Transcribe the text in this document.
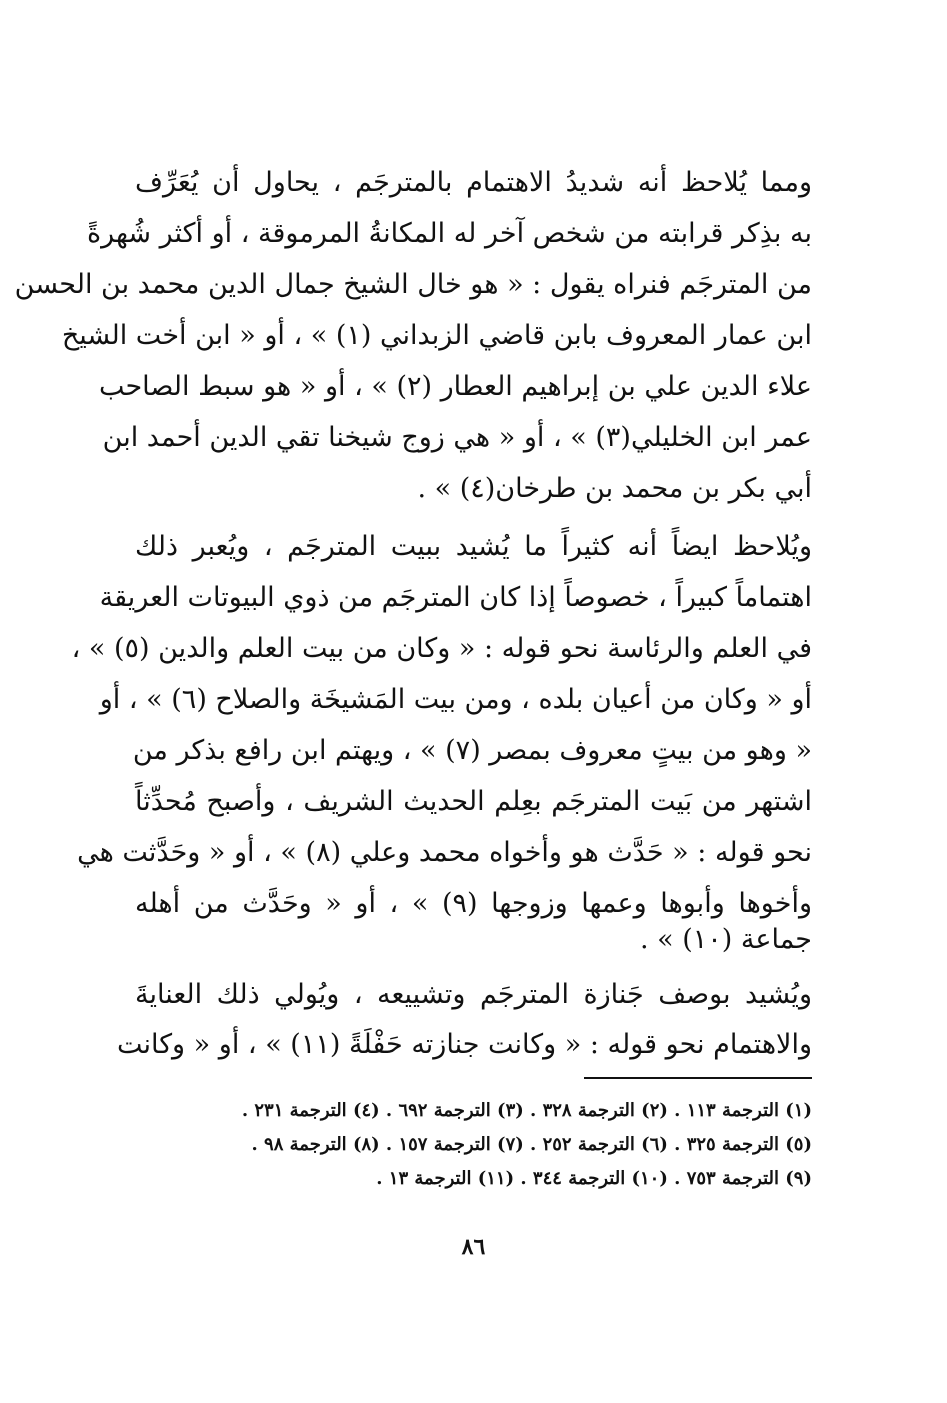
ومما يُلاحظ أنه شديدُ الاهتمام بالمترجَم ، يحاول أن يُعَرِّف
به بذِكر قرابته من شخص آخر له المكانةُ المرموقة ، أو أكثر شُهرةً
من المترجَم فنراه يقول : « هو خال الشيخ جمال الدين محمد بن الحسن
ابن عمار المعروف بابن قاضي الزبداني (١) » ، أو « ابن أخت الشيخ
علاء الدين علي بن إبراهيم العطار (٢) » ، أو « هو سبط الصاحب
عمر ابن الخليلي(٣) » ، أو « هي زوج شيخنا تقي الدين أحمد ابن
أبي بكر بن محمد بن طرخان(٤) » .
ويُلاحظ ايضاً أنه كثيراً ما يُشيد ببيت المترجَم ، ويُعبر ذلك
اهتماماً كبيراً ، خصوصاً إذا كان المترجَم من ذوي البيوتات العريقة
في العلم والرئاسة نحو قوله : « وكان من بيت العلم والدين (٥) » ،
أو « وكان من أعيان بلده ، ومن بيت المَشيخَة والصلاح (٦) » ، أو
« وهو من بيتٍ معروف بمصر (٧) » ، ويهتم ابن رافع بذكر من
اشتهر من بَيت المترجَم بعِلم الحديث الشريف ، وأصبح مُحدِّثاً
نحو قوله : « حَدَّث هو وأخواه محمد وعلي (٨) » ، أو « وحَدَّثت هي
وأخوها وأبوها وعمها وزوجها (٩) » ، أو « وحَدَّث من أهله
جماعة (١٠) » .
ويُشيد بوصف جَنازة المترجَم وتشييعه ، ويُولي ذلك العنايةَ
والاهتمام نحو قوله : « وكانت جنازته حَفْلَةً (١١) » ، أو « وكانت
(١) الترجمة ١١٣ . (٢) الترجمة ٣٢٨ . (٣) الترجمة ٦٩٢ . (٤) الترجمة ٢٣١ .
(٥) الترجمة ٣٢٥ . (٦) الترجمة ٢٥٢ . (٧) الترجمة ١٥٧ . (٨) الترجمة ٩٨ .
(٩) الترجمة ٧٥٣ . (١٠) الترجمة ٣٤٤ . (١١) الترجمة ١٣ .
٨٦
